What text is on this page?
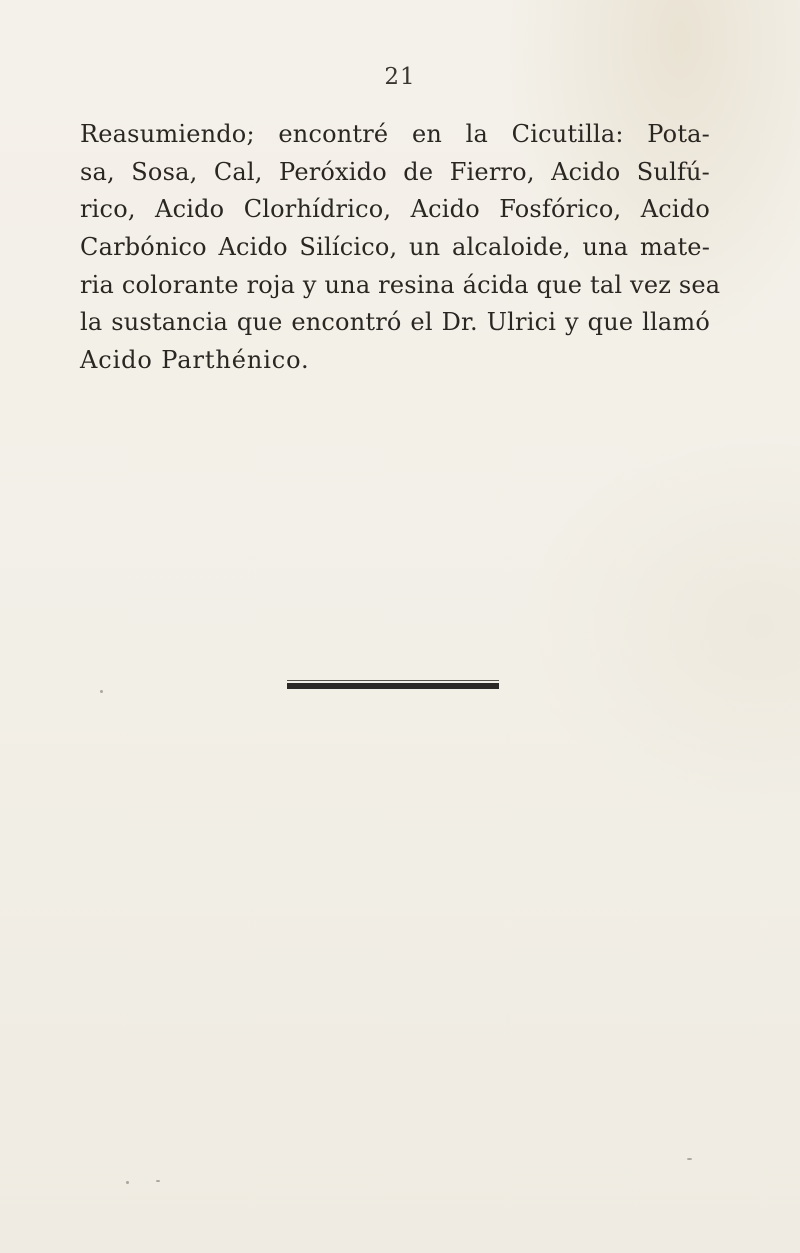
21

Reasumiendo; encontré en la Cicutilla: Pota-
sa, Sosa, Cal, Peróxido de Fierro, Acido Sulfú-
rico, Acido Clorhídrico, Acido Fosfórico, Acido
Carbónico Acido Silícico, un alcaloide, una mate-
ria colorante roja y una resina ácida que tal vez sea
la sustancia que encontró el Dr. Ulrici y que llamó
Acido Parthénico.
